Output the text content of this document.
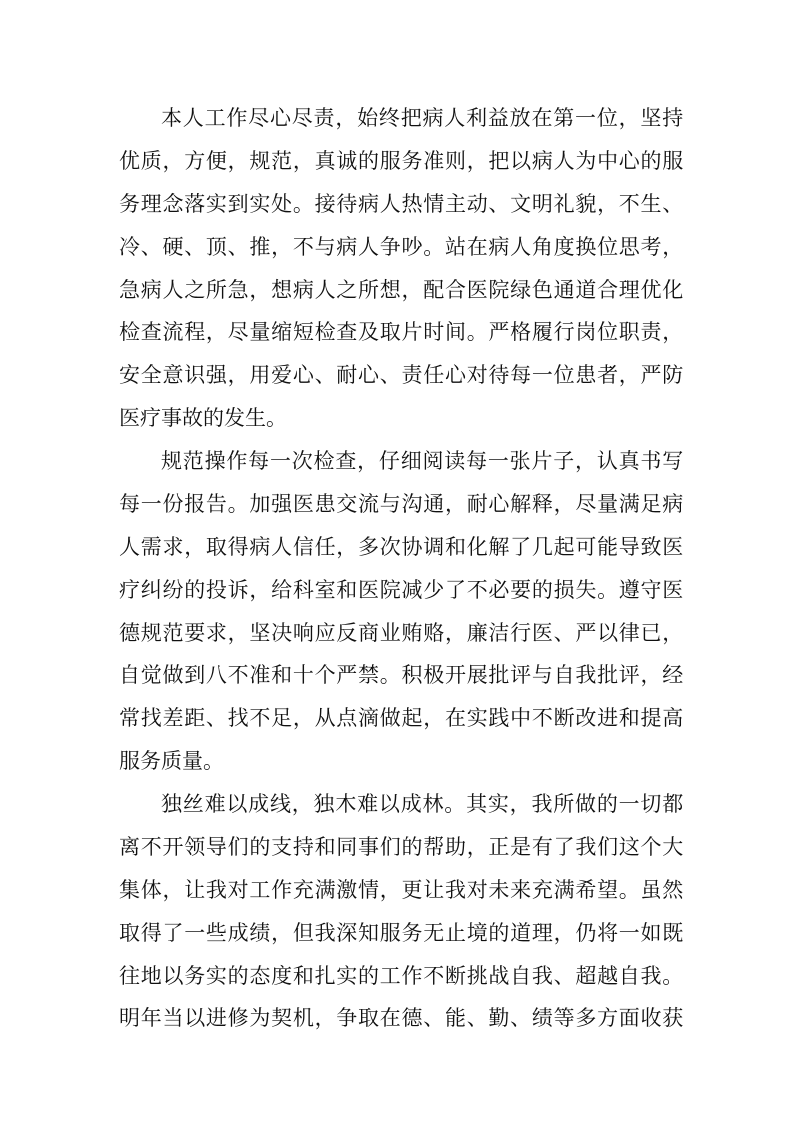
本人工作尽心尽责，始终把病人利益放在第一位，坚持
优质，方便，规范，真诚的服务准则，把以病人为中心的服
务理念落实到实处。接待病人热情主动、文明礼貌，不生、
冷、硬、顶、推，不与病人争吵。站在病人角度换位思考，
急病人之所急，想病人之所想，配合医院绿色通道合理优化
检查流程，尽量缩短检查及取片时间。严格履行岗位职责，
安全意识强，用爱心、耐心、责任心对待每一位患者，严防
医疗事故的发生。
规范操作每一次检查，仔细阅读每一张片子，认真书写
每一份报告。加强医患交流与沟通，耐心解释，尽量满足病
人需求，取得病人信任，多次协调和化解了几起可能导致医
疗纠纷的投诉，给科室和医院减少了不必要的损失。遵守医
德规范要求，坚决响应反商业贿赂，廉洁行医、严以律已，
自觉做到八不准和十个严禁。积极开展批评与自我批评，经
常找差距、找不足，从点滴做起，在实践中不断改进和提高
服务质量。
独丝难以成线，独木难以成林。其实，我所做的一切都
离不开领导们的支持和同事们的帮助，正是有了我们这个大
集体，让我对工作充满激情，更让我对未来充满希望。虽然
取得了一些成绩，但我深知服务无止境的道理，仍将一如既
往地以务实的态度和扎实的工作不断挑战自我、超越自我。
明年当以进修为契机，争取在德、能、勤、绩等多方面收获
